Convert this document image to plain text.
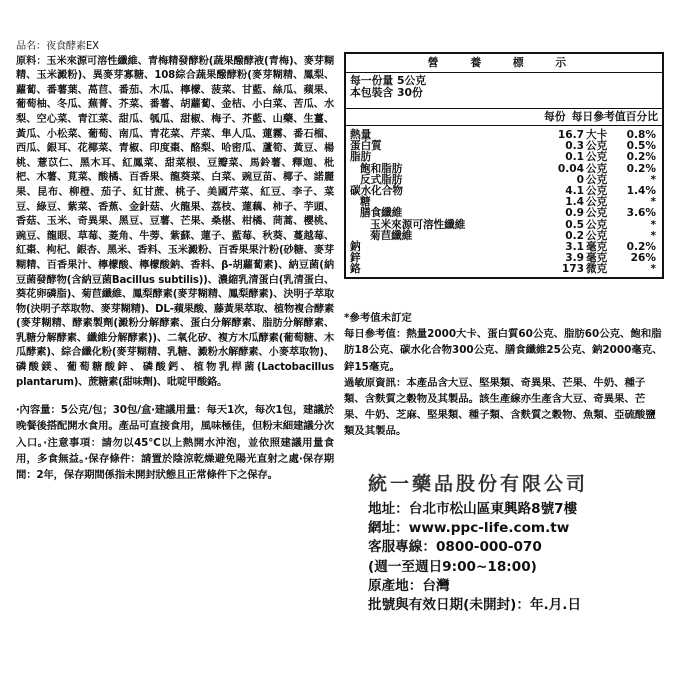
品名：夜食酵素EX

原料：玉米來源可溶性纖維、青梅精發酵粉(蔬果醱酵液(青梅)、麥芽糊精、玉米澱粉)、異麥芽寡糖、108綜合蔬果醱酵粉(麥芽糊精、鳳梨、蘿蔔、番薯葉、萵苣、番茄、木瓜、檸檬、菠菜、甘藍、絲瓜、蘋果、葡萄柚、冬瓜、蕪菁、芥菜、番薯、胡蘿蔔、金桔、小白菜、苦瓜、水梨、空心菜、青江菜、甜瓜、瓠瓜、甜椒、梅子、芥藍、山藥、生薑、黃瓜、小松菜、葡萄、南瓜、青花菜、芹菜、隼人瓜、蓮霧、番石榴、西瓜、銀耳、花椰菜、青椒、印度棗、酪梨、哈密瓜、蘆筍、黃豆、楊桃、薏苡仁、黑木耳、紅鳳菜、甜菜根、豆瓣菜、馬鈴薯、釋迦、枇杷、木薯、莧菜、酸橘、百香果、龍葵菜、白菜、豌豆苗、椰子、諾麗果、昆布、柳橙、茄子、紅甘蔗、桃子、美國芹菜、紅豆、李子、菜豆、綠豆、紫菜、香蕉、金針菇、火龍果、荔枝、蓮藕、柿子、芋頭、香菇、玉米、奇異果、黑豆、豆薯、芒果、桑椹、柑橘、茼蒿、櫻桃、豌豆、龍眼、草莓、菱角、牛蒡、紫蘇、蓮子、藍莓、秋葵、蔓越莓、紅棗、枸杞、銀杏、黑米、香料、玉米澱粉、百香果果汁粉(砂糖、麥芽糊精、百香果汁、檸檬酸、檸檬酸鈉、香料、β-胡蘿蔔素)、納豆菌(納豆菌發酵物(含納豆菌Bacillus subtilis))、濃縮乳清蛋白(乳清蛋白、葵花卵磷脂)、菊苣纖維、鳳梨酵素(麥芽糊精、鳳梨酵素)、決明子萃取物(決明子萃取物、麥芽糊精)、DL-蘋果酸、藤黃果萃取、植物複合酵素(麥芽糊精、酵素製劑(澱粉分解酵素、蛋白分解酵素、脂肪分解酵素、乳糖分解酵素、纖維分解酵素))、二氧化矽、複方木瓜酵素(葡萄糖、木瓜酵素)、綜合纖化粉(麥芽糊精、乳糖、澱粉水解酵素、小麥萃取物)、磷酸鎂、葡萄糖酸鋅、磷酸鈣、植物乳桿菌(Lactobacillus plantarum)、蔗糖素(甜味劑)、吡啶甲酸鉻。

‧內容量：5公克/包；30包/盒‧建議用量：每天1次，每次1包，建議於晚餐後搭配開水食用。產品可直接食用，風味極佳，但粉末細建議分次入口。‧注意事項：請勿以45°C以上熱開水沖泡，並依照建議用量食用，多食無益。‧保存條件：請置於陰涼乾燥避免陽光直射之處‧保存期間：2年，保存期間係指未開封狀態且正常條件下之保存。

營 養 標 示
每一份量 5公克
本包裝含 30份
每份 每日參考值百分比
熱量	16.7 大卡	0.8%
蛋白質	0.3 公克	0.5%
脂肪	0.1 公克	0.2%
飽和脂肪	0.04 公克	0.2%
反式脂肪	0 公克	*
碳水化合物	4.1 公克	1.4%
糖	1.4 公克	*
膳食纖維	0.9 公克	3.6%
玉米來源可溶性纖維	0.5 公克	*
菊苣纖維	0.2 公克	*
鈉	3.1 毫克	0.2%
鋅	3.9 毫克	26%
鉻	173 微克	*

*參考值未訂定

每日參考值：熱量2000大卡、蛋白質60公克、脂肪60公克、飽和脂肪18公克、碳水化合物300公克、膳食纖維25公克、鈉2000毫克、鋅15毫克。

過敏原資訊：本產品含大豆、堅果類、奇異果、芒果、牛奶、種子類、含麩質之穀物及其製品。該生產線亦生產含大豆、奇異果、芒果、牛奶、芝麻、堅果類、種子類、含麩質之穀物、魚類、亞硫酸鹽類及其製品。

統一藥品股份有限公司

地址：台北市松山區東興路8號7樓

網址：www.ppc-life.com.tw

客服專線：0800-000-070

(週一至週日9:00~18:00)

原產地：台灣

批號與有效日期(未開封)：年.月.日
